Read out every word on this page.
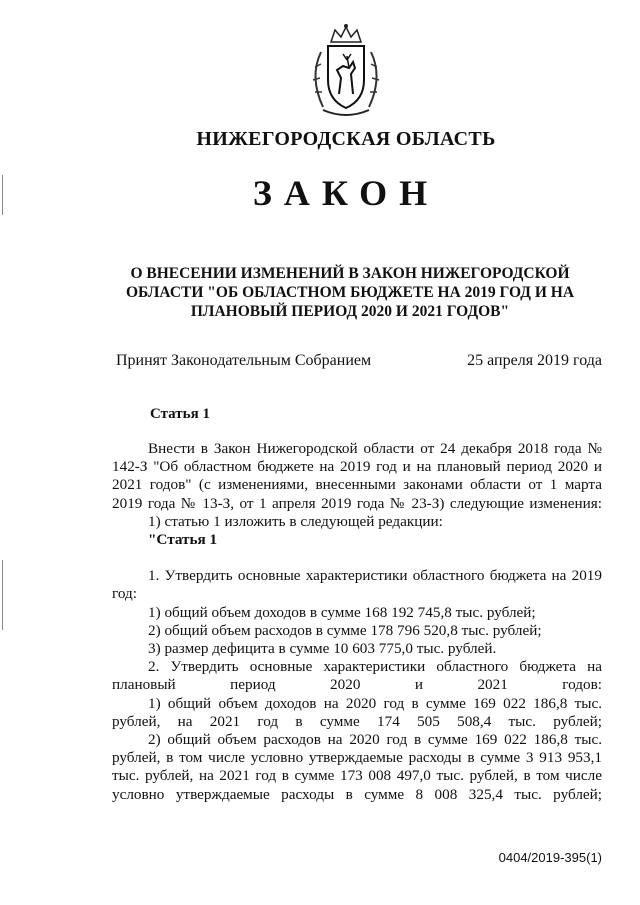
НИЖЕГОРОДСКАЯ ОБЛАСТЬ
ЗАКОН
О ВНЕСЕНИИ ИЗМЕНЕНИЙ В ЗАКОН НИЖЕГОРОДСКОЙ
ОБЛАСТИ "ОБ ОБЛАСТНОМ БЮДЖЕТЕ НА 2019 ГОД И НА
ПЛАНОВЫЙ ПЕРИОД 2020 И 2021 ГОДОВ"
Принят Законодательным Собранием	25 апреля 2019 года
Статья 1

Внести в Закон Нижегородской области от 24 декабря 2018 года № 142-З "Об областном бюджете на 2019 год и на плановый период 2020 и 2021 годов" (с изменениями, внесенными законами области от 1 марта 2019 года № 13-З, от 1 апреля 2019 года № 23-З) следующие изменения:

1) статью 1 изложить в следующей редакции:

"Статья 1

1. Утвердить основные характеристики областного бюджета на 2019 год:

1) общий объем доходов в сумме 168 192 745,8 тыс. рублей;

2) общий объем расходов в сумме 178 796 520,8 тыс. рублей;

3) размер дефицита в сумме 10 603 775,0 тыс. рублей.

2. Утвердить основные характеристики областного бюджета на плановый период 2020 и 2021 годов:

1) общий объем доходов на 2020 год в сумме 169 022 186,8 тыс. рублей, на 2021 год в сумме 174 505 508,4 тыс. рублей;

2) общий объем расходов на 2020 год в сумме 169 022 186,8 тыс. рублей, в том числе условно утверждаемые расходы в сумме 3 913 953,1 тыс. рублей, на 2021 год в сумме 173 008 497,0 тыс. рублей, в том числе условно утверждаемые расходы в сумме 8 008 325,4 тыс. рублей;

0404/2019-395(1)
